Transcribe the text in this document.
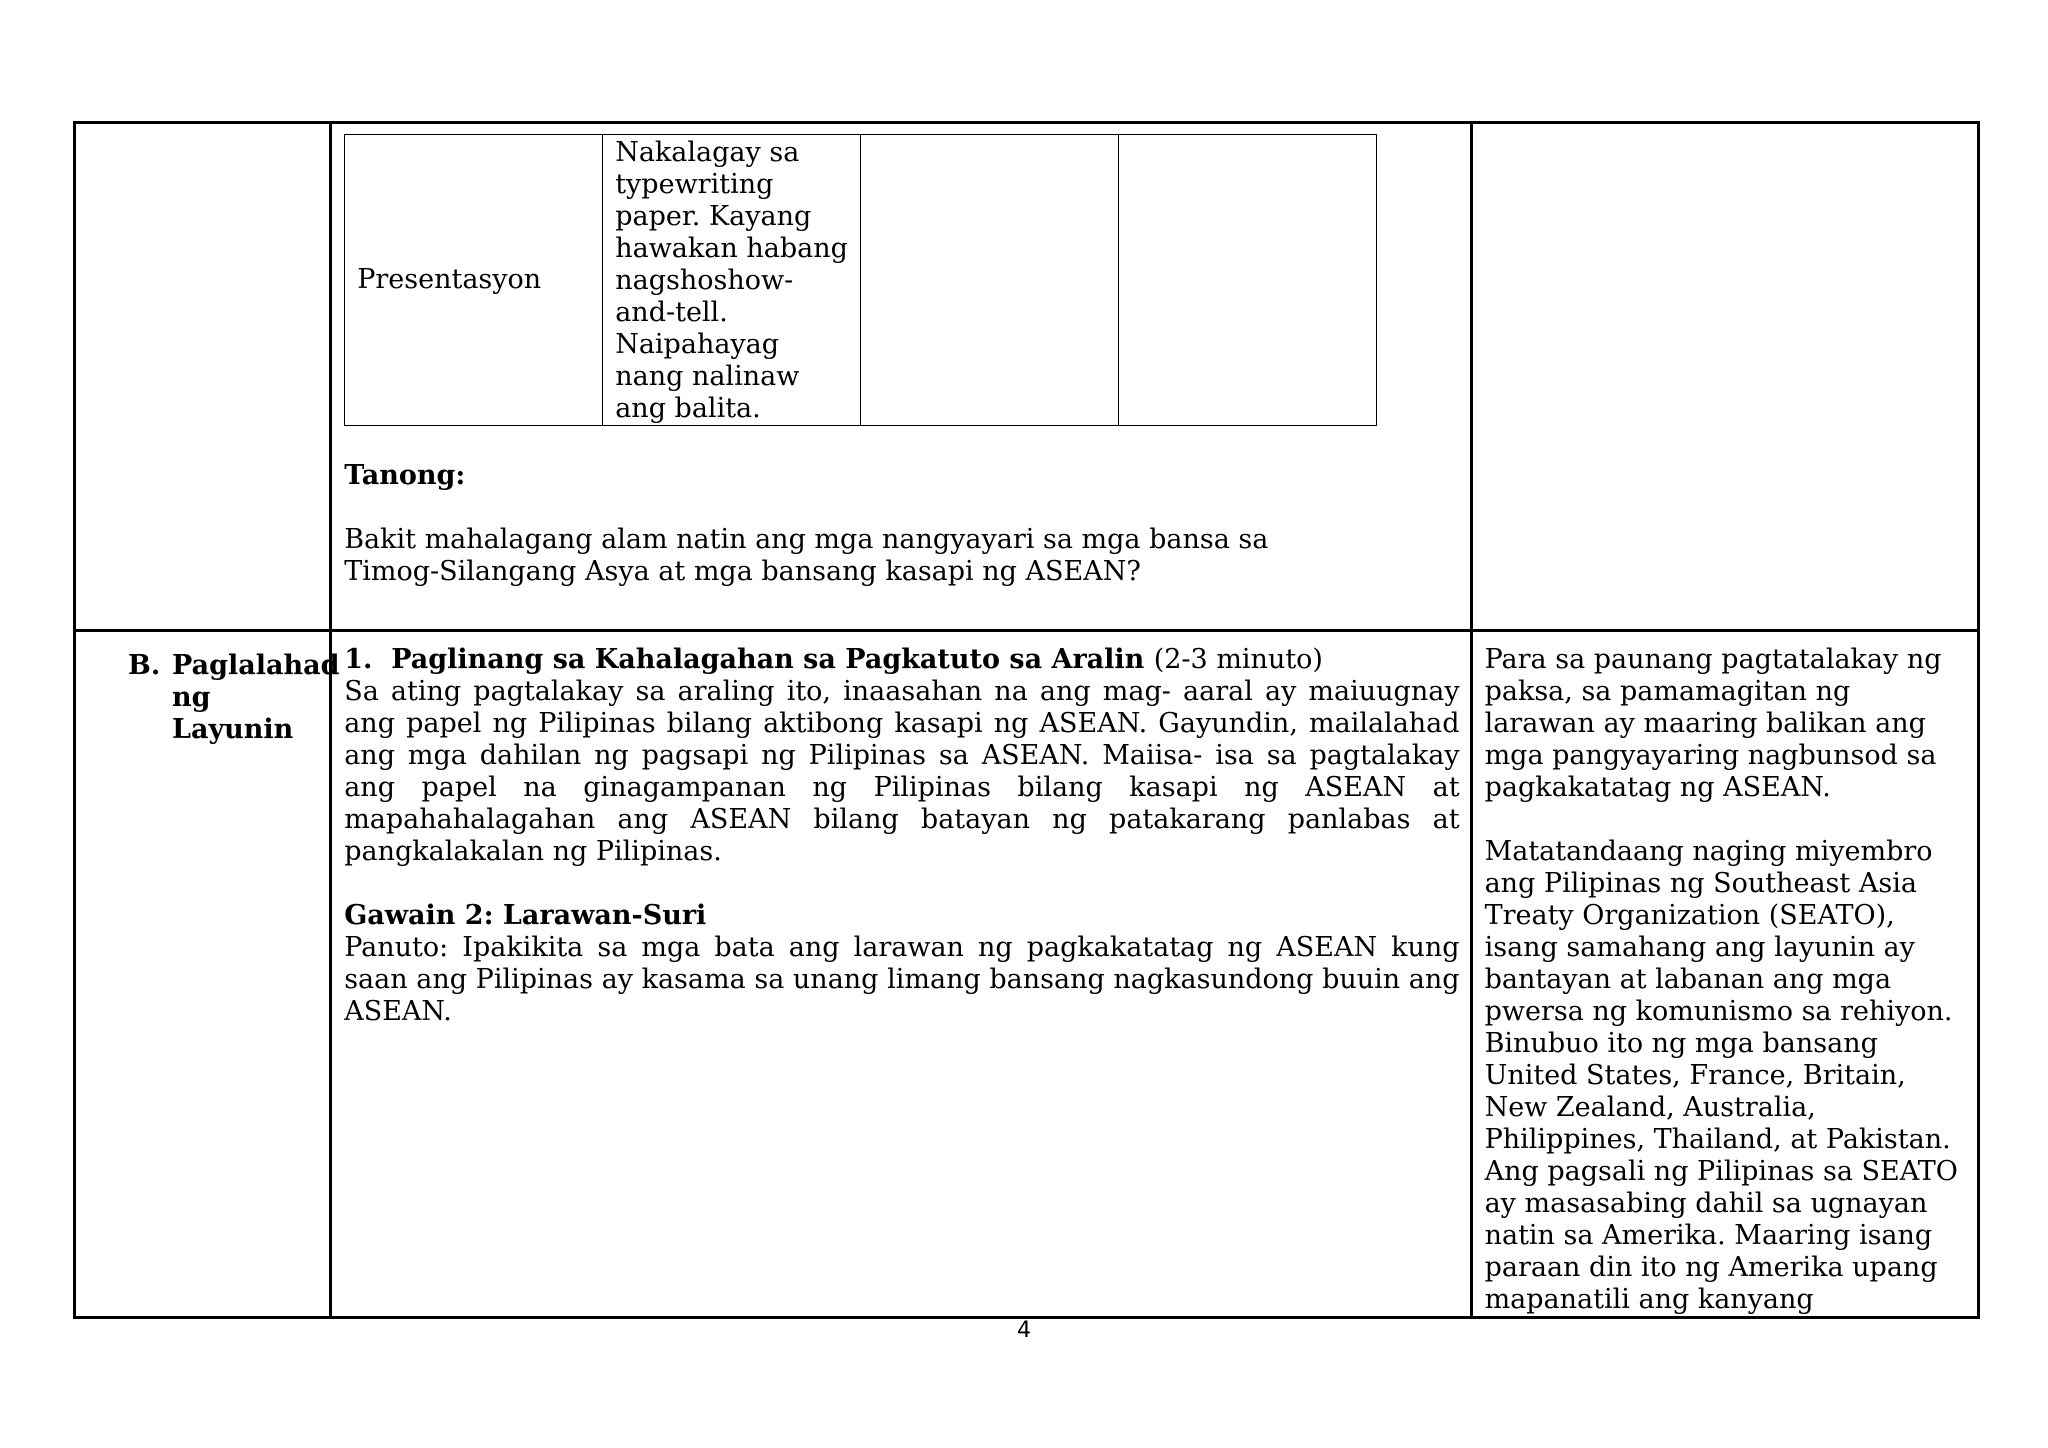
Presentasyon	Nakalagay sa typewriting paper. Kayang hawakan habang nagshoshow-and-tell. Naipahayag nang nalinaw ang balita.		
Tanong:
Bakit mahalagang alam natin ang mga nangyayari sa mga bansa sa Timog-Silangang Asya at mga bansang kasapi ng ASEAN?

B. Paglalahad ng Layunin

1. Paglinang sa Kahalagahan sa Pagkatuto sa Aralin (2-3 minuto)
Sa ating pagtalakay sa araling ito, inaasahan na ang mag- aaral ay maiuugnay ang papel ng Pilipinas bilang aktibong kasapi ng ASEAN. Gayundin, mailalahad ang mga dahilan ng pagsapi ng Pilipinas sa ASEAN. Maiisa- isa sa pagtalakay ang papel na ginagampanan ng Pilipinas bilang kasapi ng ASEAN at mapahahalagahan ang ASEAN bilang batayan ng patakarang panlabas at pangkalakalan ng Pilipinas.
Gawain 2: Larawan-Suri
Panuto: Ipakikita sa mga bata ang larawan ng pagkakatatag ng ASEAN kung saan ang Pilipinas ay kasama sa unang limang bansang nagkasundong buuin ang ASEAN.

Para sa paunang pagtatalakay ng paksa, sa pamamagitan ng larawan ay maaring balikan ang mga pangyayaring nagbunsod sa pagkakatatag ng ASEAN.
Matatandaang naging miyembro ang Pilipinas ng Southeast Asia Treaty Organization (SEATO), isang samahang ang layunin ay bantayan at labanan ang mga pwersa ng komunismo sa rehiyon. Binubuo ito ng mga bansang United States, France, Britain, New Zealand, Australia, Philippines, Thailand, at Pakistan. Ang pagsali ng Pilipinas sa SEATO ay masasabing dahil sa ugnayan natin sa Amerika. Maaring isang paraan din ito ng Amerika upang mapanatili ang kanyang
4
